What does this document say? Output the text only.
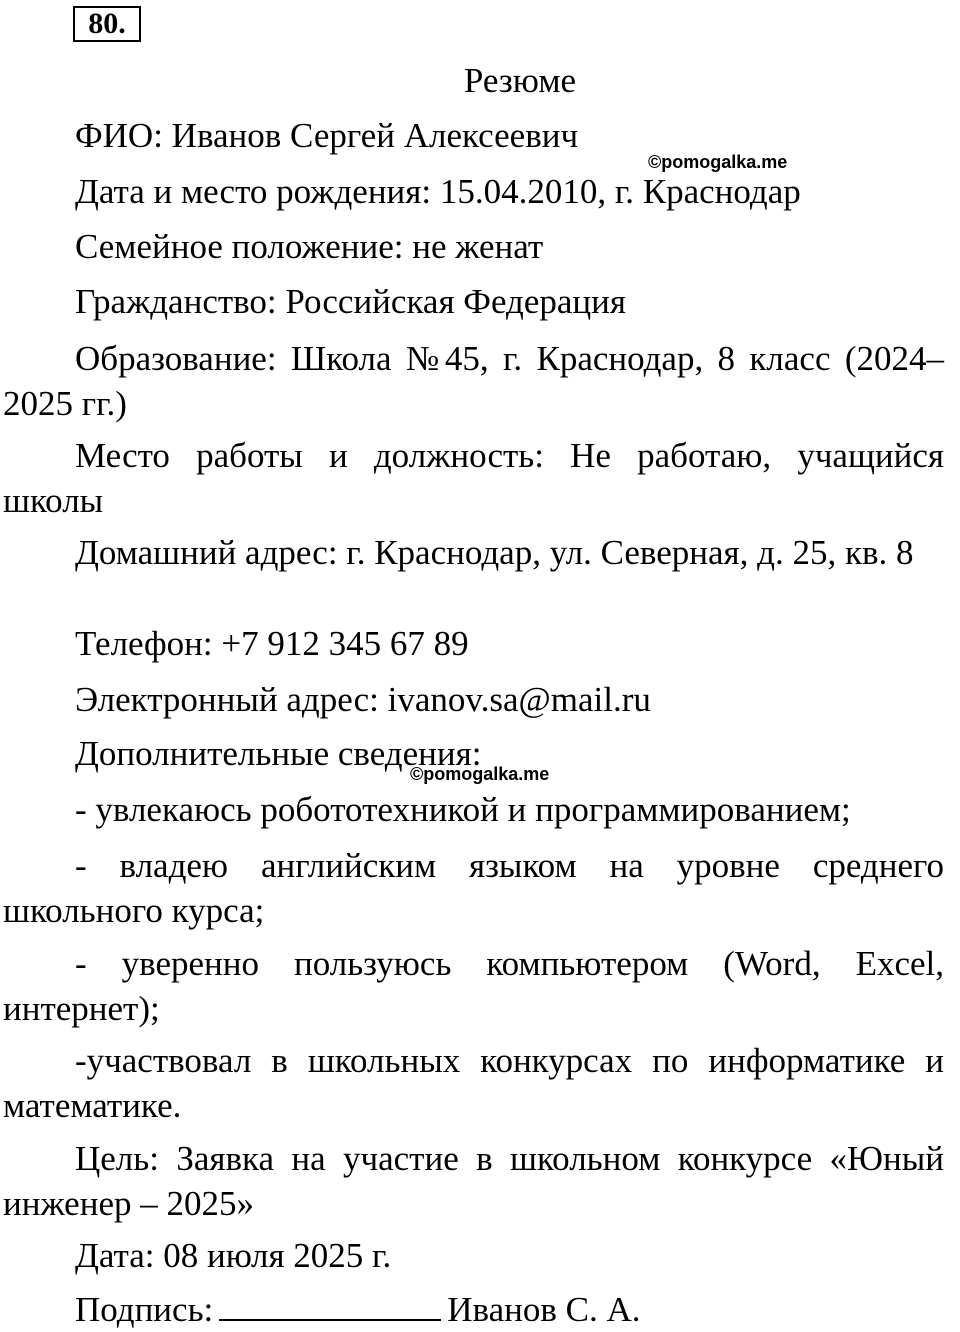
80.
Резюме
ФИО: Иванов Сергей Алексеевич
©pomogalka.me
Дата и место рождения: 15.04.2010, г. Краснодар
Семейное положение: не женат
Гражданство: Российская Федерация
Образование: Школа №45, г. Краснодар, 8 класс (2024–2025 гг.)
Место работы и должность: Не работаю, учащийся школы
Домашний адрес: г. Краснодар, ул. Северная, д. 25, кв. 8
Телефон: +7 912 345 67 89
Электронный адрес: ivanov.sa@mail.ru
Дополнительные сведения:
©pomogalka.me
- увлекаюсь робототехникой и программированием;
- владею английским языком на уровне среднего школьного курса;
- уверенно пользуюсь компьютером (Word, Excel, интернет);
-участвовал в школьных конкурсах по информатике и математике.
Цель: Заявка на участие в школьном конкурсе «Юный инженер – 2025»
Дата: 08 июля 2025 г.
Подпись:	Иванов С. А.
